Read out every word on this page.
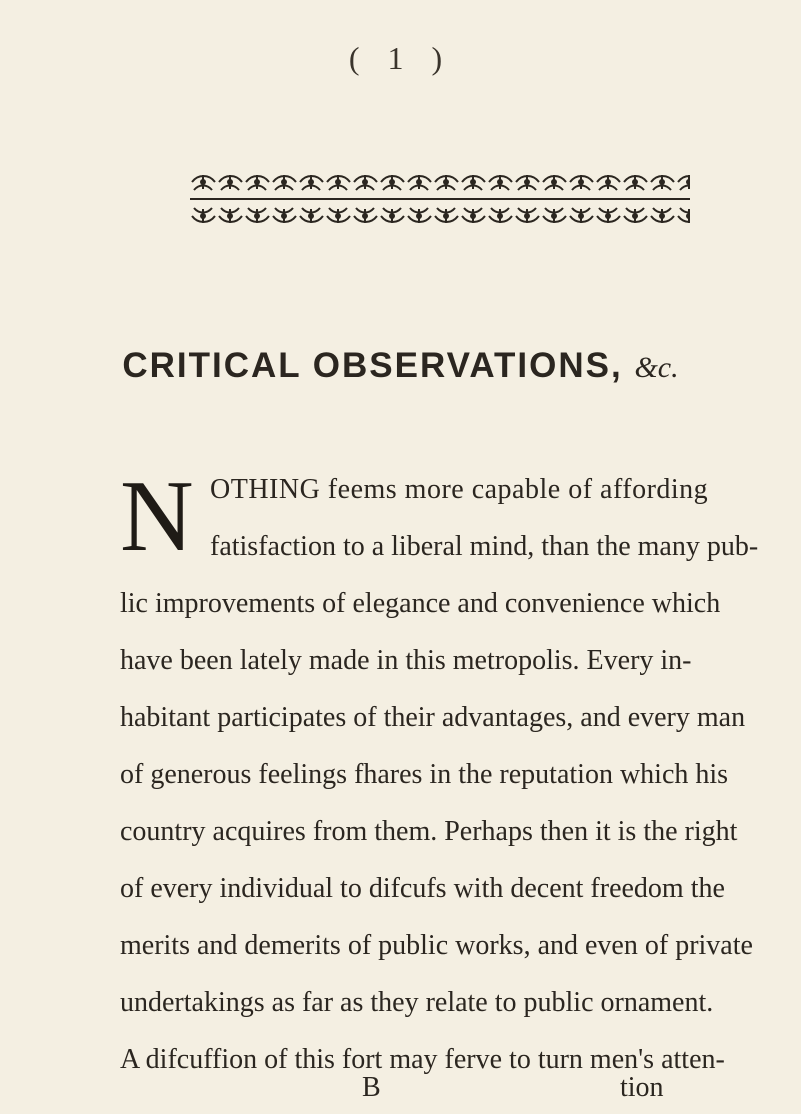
( 1 )
CRITICAL OBSERVATIONS, &c.
N OTHING feems more capable of affording
fatisfaction to a liberal mind, than the many pub-
lic improvements of elegance and convenience which
have been lately made in this metropolis. Every in-
habitant participates of their advantages, and every man
of generous feelings fhares in the reputation which his
country acquires from them. Perhaps then it is the right
of every individual to difcufs with decent freedom the
merits and demerits of public works, and even of private
undertakings as far as they relate to public ornament.
A difcuffion of this fort may ferve to turn men's atten-
B	tion
